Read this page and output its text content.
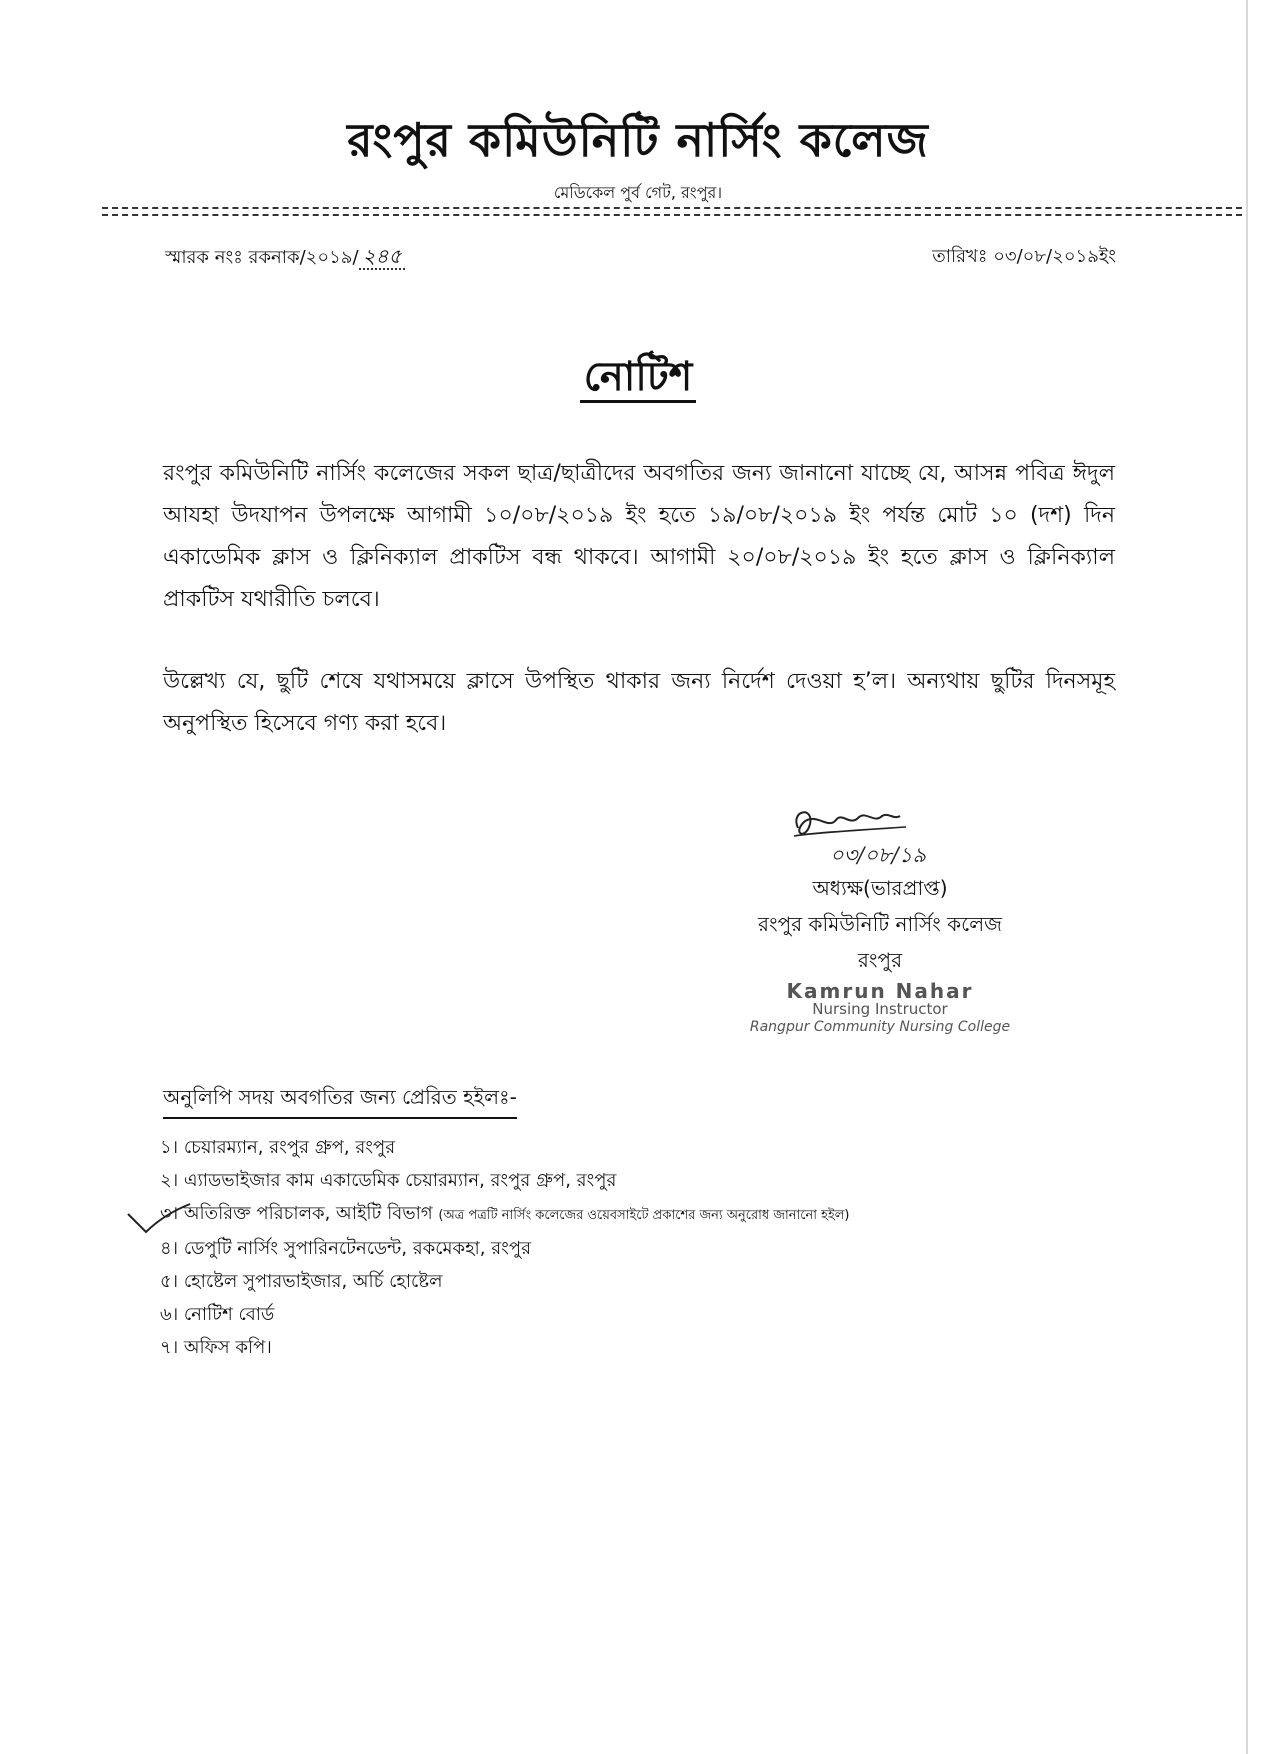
রংপুর কমিউনিটি নার্সিং কলেজ
মেডিকেল পুর্ব গেট, রংপুর।
স্মারক নংঃ রকনাক/২০১৯/ ২৪৫	তারিখঃ ০৩/০৮/২০১৯ইং
নোটিশ
রংপুর কমিউনিটি নার্সিং কলেজের সকল ছাত্র/ছাত্রীদের অবগতির জন্য জানানো যাচ্ছে যে, আসন্ন পবিত্র ঈদুল আযহা উদযাপন উপলক্ষে আগামী ১০/০৮/২০১৯ ইং হতে ১৯/০৮/২০১৯ ইং পর্যন্ত মোট ১০ (দশ) দিন একাডেমিক ক্লাস ও ক্লিনিক্যাল প্রাকটিস বন্ধ থাকবে। আগামী ২০/০৮/২০১৯ ইং হতে ক্লাস ও ক্লিনিক্যাল প্রাকটিস যথারীতি চলবে।
উল্লেখ্য যে, ছুটি শেষে যথাসময়ে ক্লাসে উপস্থিত থাকার জন্য নির্দেশ দেওয়া হ’ল। অন্যথায় ছুটির দিনসমূহ অনুপস্থিত হিসেবে গণ্য করা হবে।
০৩/০৮/১৯
অধ্যক্ষ(ভারপ্রাপ্ত)
রংপুর কমিউনিটি নার্সিং কলেজ
রংপুর
Kamrun Nahar
Nursing Instructor
Rangpur Community Nursing College
অনুলিপি সদয় অবগতির জন্য প্রেরিত হইলঃ-
১। চেয়ারম্যান, রংপুর গ্রুপ, রংপুর
২। এ্যাডভাইজার কাম একাডেমিক চেয়ারম্যান, রংপুর গ্রুপ, রংপুর
৩। অতিরিক্ত পরিচালক, আইটি বিভাগ (অত্র পত্রটি নার্সিং কলেজের ওয়েবসাইটে প্রকাশের জন্য অনুরোধ জানানো হইল)
৪। ডেপুটি নার্সিং সুপারিনটেনডেন্ট, রকমেকহা, রংপুর
৫। হোষ্টেল সুপারভাইজার, অর্চি হোষ্টেল
৬। নোটিশ বোর্ড
৭। অফিস কপি।
